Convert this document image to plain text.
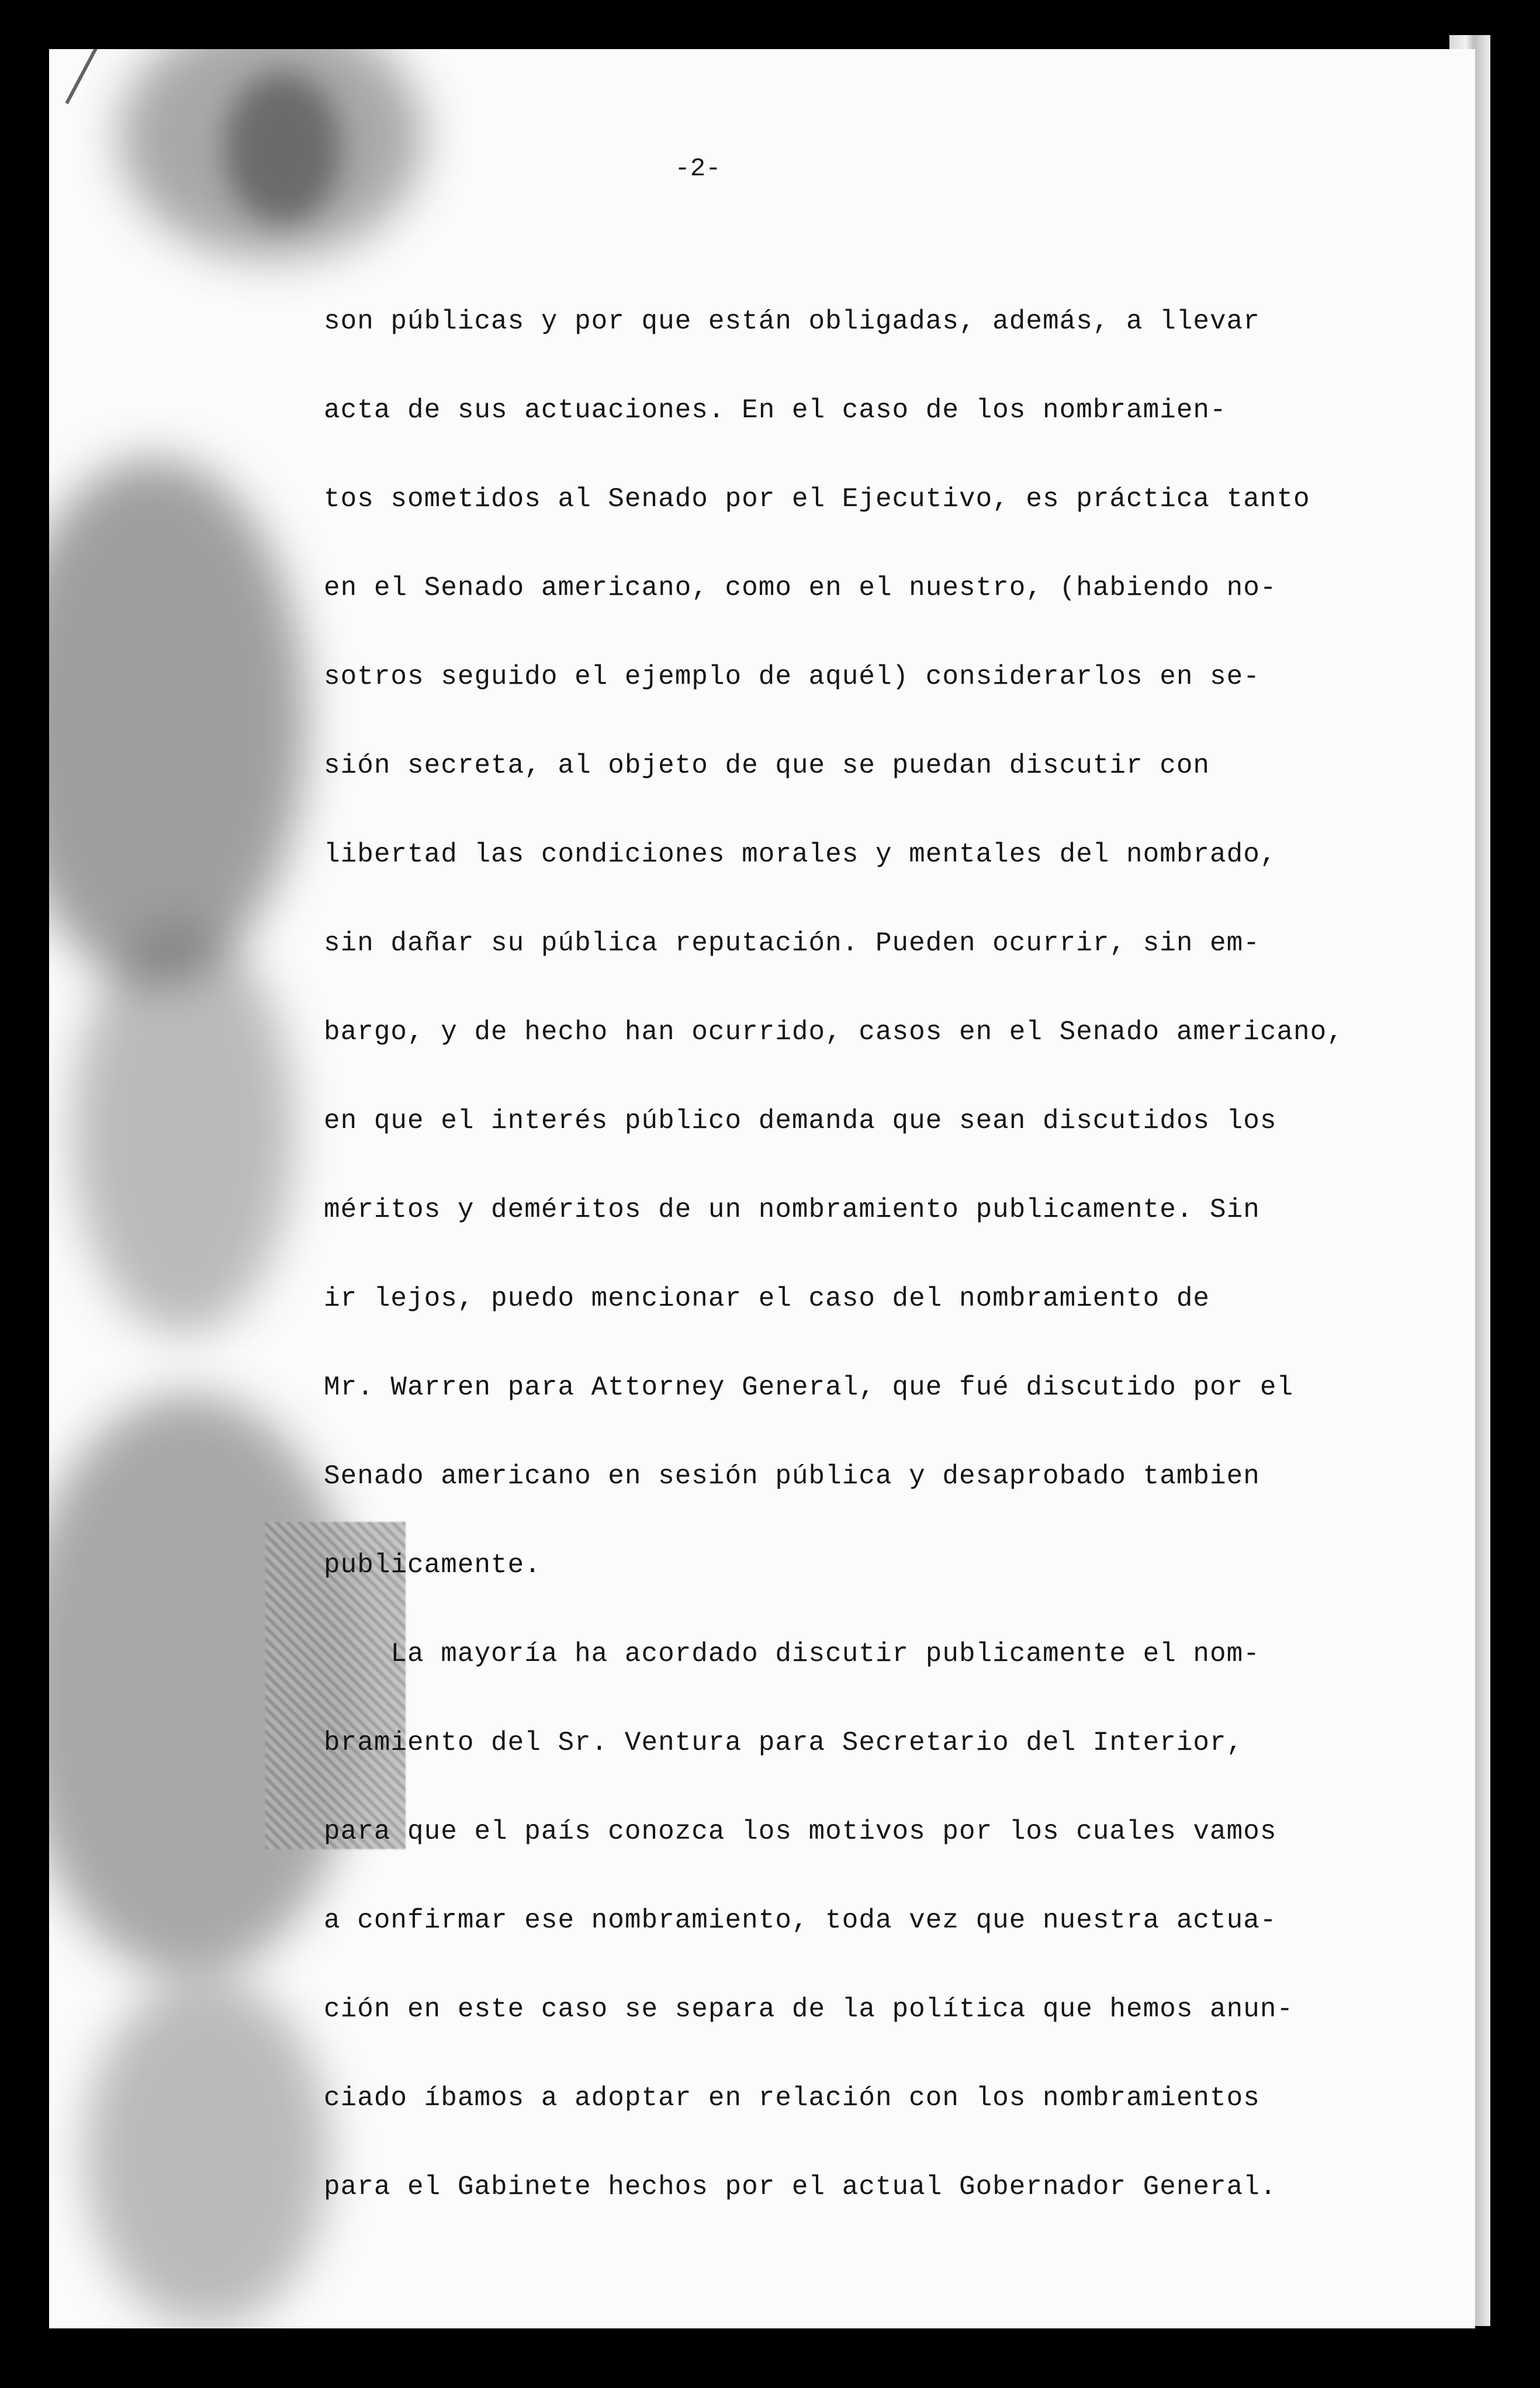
-2-
son públicas y por que están obligadas, además, a llevar
acta de sus actuaciones. En el caso de los nombramien-
tos sometidos al Senado por el Ejecutivo, es práctica tanto
en el Senado americano, como en el nuestro, (habiendo no-
sotros seguido el ejemplo de aquél) considerarlos en se-
sión secreta, al objeto de que se puedan discutir con
libertad las condiciones morales y mentales del nombrado,
sin dañar su pública reputación. Pueden ocurrir, sin em-
bargo, y de hecho han ocurrido, casos en el Senado americano,
en que el interés público demanda que sean discutidos los
méritos y deméritos de un nombramiento publicamente. Sin
ir lejos, puedo mencionar el caso del nombramiento de
Mr. Warren para Attorney General, que fué discutido por el
Senado americano en sesión pública y desaprobado tambien
publicamente.
La mayoría ha acordado discutir publicamente el nom-
bramiento del Sr. Ventura para Secretario del Interior,
para que el país conozca los motivos por los cuales vamos
a confirmar ese nombramiento, toda vez que nuestra actua-
ción en este caso se separa de la política que hemos anun-
ciado íbamos a adoptar en relación con los nombramientos
para el Gabinete hechos por el actual Gobernador General.
